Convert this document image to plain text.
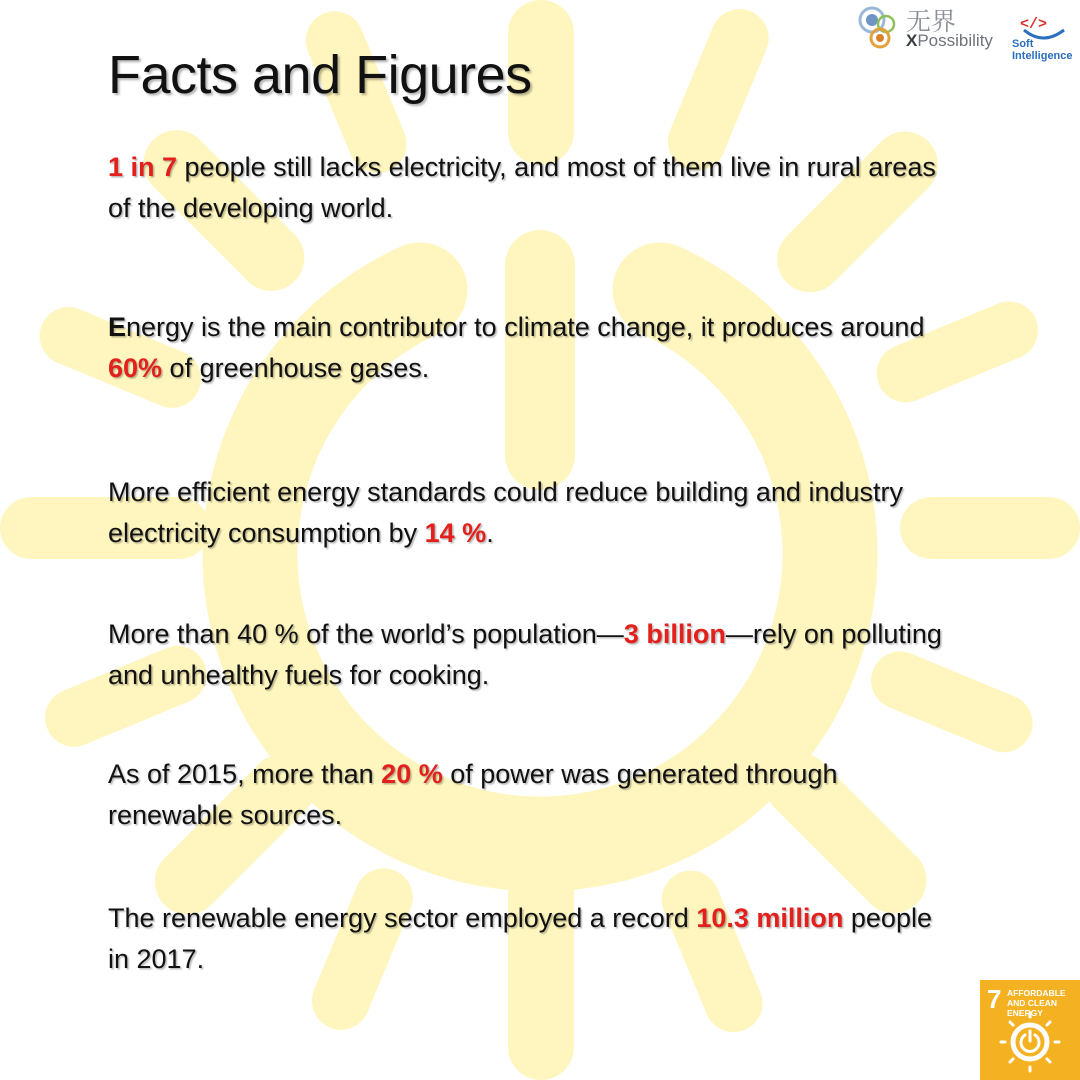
Facts and Figures

1 in 7 people still lacks electricity, and most of them live in rural areas of the developing world.

Energy is the main contributor to climate change, it produces around 60% of greenhouse gases.

More efficient energy standards could reduce building and industry electricity consumption by 14 %.

More than 40 % of the world’s population—3 billion—rely on polluting and unhealthy fuels for cooking.

As of 2015, more than 20 % of power was generated through renewable sources.

The renewable energy sector employed a record 10.3 million people in 2017.

无界
XPossibility
</>
Soft
Intelligence
7 AFFORDABLE AND CLEAN ENERGY
